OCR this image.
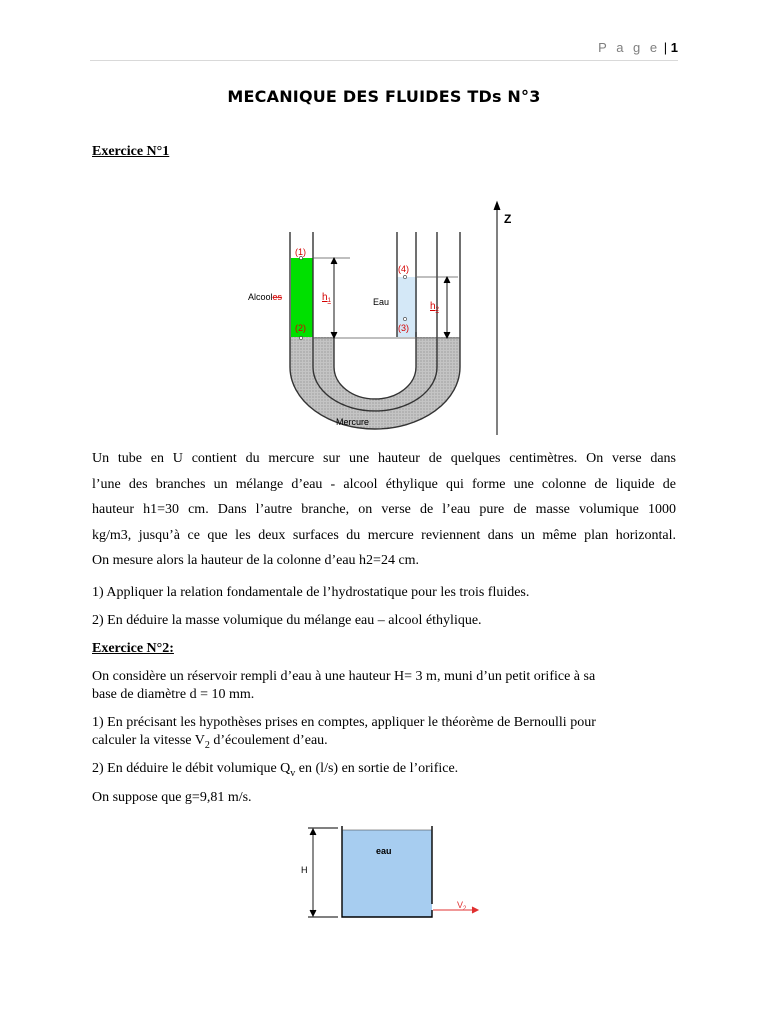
P a g e | 1
MECANIQUE DES FLUIDES TDs N°3
Exercice N°1
(1)
(2)
(4)
(3)
$h_1$	$h_2$
Alcooles	Eau
Mercure
Z
Un tube en U contient du mercure sur une hauteur de quelques centimètres. On verse dans
l’une des branches un mélange d’eau - alcool éthylique qui forme une colonne de liquide de
hauteur h1=30 cm. Dans l’autre branche, on verse de l’eau pure de masse volumique 1000
kg/m3, jusqu’à ce que les deux surfaces du mercure reviennent dans un même plan horizontal.
On mesure alors la hauteur de la colonne d’eau h2=24 cm.
1) Appliquer la relation fondamentale de l’hydrostatique pour les trois fluides.
2) En déduire la masse volumique du mélange eau – alcool éthylique.
Exercice N°2:
On considère un réservoir rempli d’eau à une hauteur H= 3 m, muni d’un petit orifice à sa
base de diamètre d = 10 mm.
1) En précisant les hypothèses prises en comptes, appliquer le théorème de Bernoulli pour
calculer la vitesse $V_2$ d’écoulement d’eau.
2) En déduire le débit volumique $Q_v$ en (l/s) en sortie de l’orifice.
On suppose que g=9,81 m/s.
H
eau
$V_2$
